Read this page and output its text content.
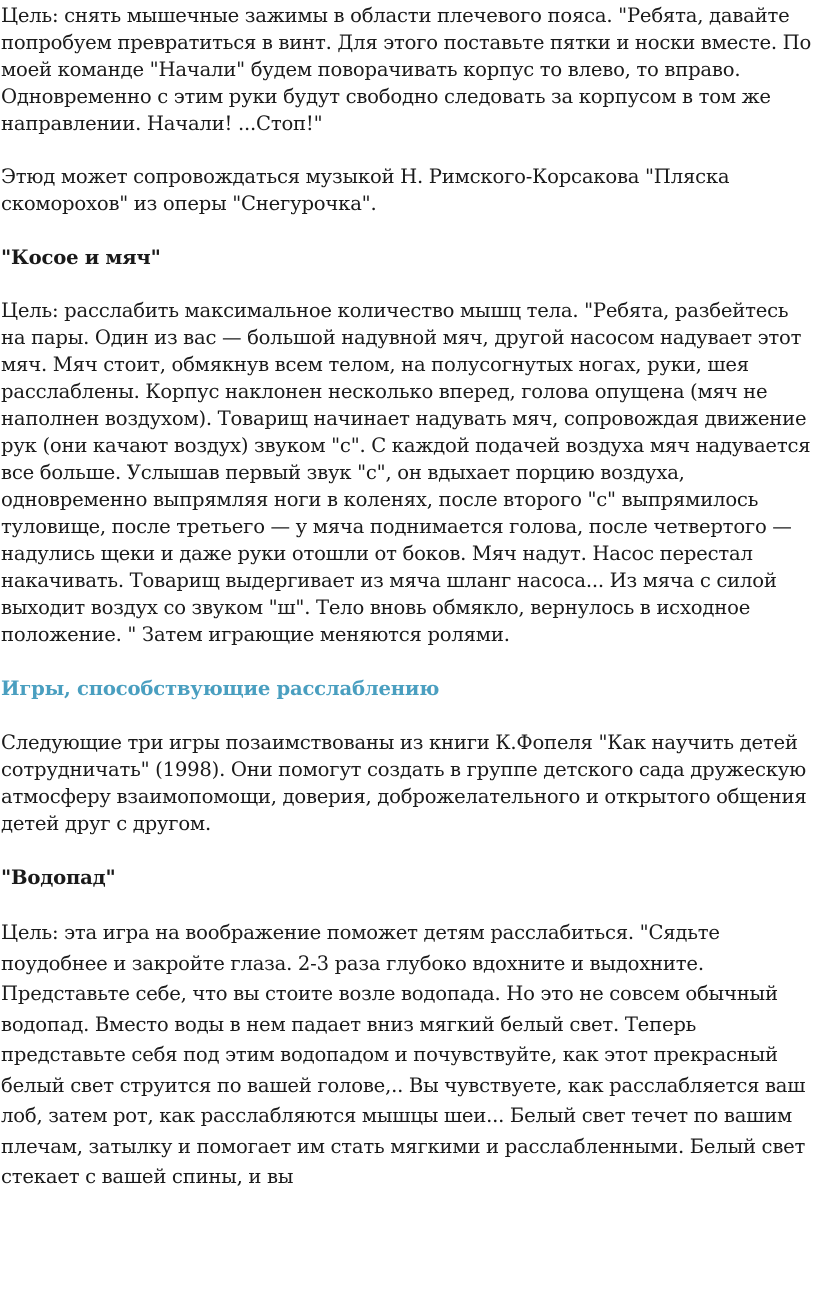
Цель: снять мышечные зажимы в области плечевого пояса. "Ребята, давайте попробуем превратиться в винт. Для этого поставьте пятки и носки вместе. По моей команде "Начали" будем поворачивать корпус то влево, то вправо. Одновременно с этим руки будут свободно следовать за корпусом в том же направлении. Начали! ...Стоп!"

Этюд может сопровождаться музыкой Н. Римского-Корсакова "Пляска скоморохов" из оперы "Снегурочка".

"Косое и мяч"

Цель: расслабить максимальное количество мышц тела. "Ребята, разбейтесь на пары. Один из вас — большой надувной мяч, другой насосом надувает этот мяч. Мяч стоит, обмякнув всем телом, на полусогнутых ногах, руки, шея расслаблены. Корпус наклонен несколько вперед, голова опущена (мяч не наполнен воздухом). Товарищ начинает надувать мяч, сопровождая движение рук (они качают воздух) звуком "с". С каждой подачей воздуха мяч надувается все больше. Услышав первый звук "с", он вдыхает порцию воздуха, одновременно выпрямляя ноги в коленях, после второго "с" выпрямилось туловище, после третьего — у мяча поднимается голова, после четвертого — надулись щеки и даже руки отошли от боков. Мяч надут. Насос перестал накачивать. Товарищ выдергивает из мяча шланг насоса... Из мяча с силой выходит воздух со звуком "ш". Тело вновь обмякло, вернулось в исходное положение. " Затем играющие меняются ролями.

Игры, способствующие расслаблению

Следующие три игры позаимствованы из книги К.Фопеля "Как научить детей сотрудничать" (1998). Они помогут создать в группе детского сада дружескую атмосферу взаимопомощи, доверия, доброжелательного и открытого общения детей друг с другом.

"Водопад"

Цель: эта игра на воображение поможет детям расслабиться. "Сядьте поудобнее и закройте глаза. 2-3 раза глубоко вдохните и выдохните. Представьте себе, что вы стоите возле водопада. Но это не совсем обычный водопад. Вместо воды в нем падает вниз мягкий белый свет. Теперь представьте себя под этим водопадом и почувствуйте, как этот прекрасный белый свет струится по вашей голове,.. Вы чувствуете, как расслабляется ваш лоб, затем рот, как расслабляются мышцы шеи... Белый свет течет по вашим плечам, затылку и помогает им стать мягкими и расслабленными. Белый свет стекает с вашей спины, и вы
